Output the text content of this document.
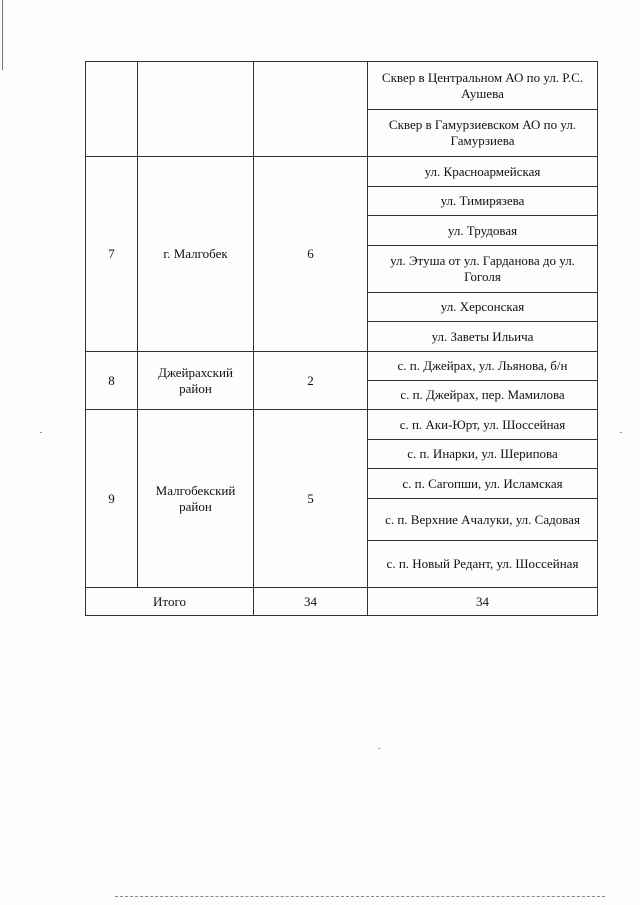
			Сквер в Центральном АО по ул. Р.С. Аушева
			Сквер в Гамурзиевском АО по ул. Гамурзиева
7	г. Малгобек	6	ул. Красноармейская
			ул. Тимирязева
			ул. Трудовая
			ул. Этуша от ул. Гарданова до ул. Гоголя
			ул. Херсонская
			ул. Заветы Ильича
8	Джейрахский район	2	с. п. Джейрах, ул. Льянова, б/н
			с. п. Джейрах, пер. Мамилова
9	Малгобекский район	5	с. п. Аки-Юрт, ул. Шоссейная
			с. п. Инарки, ул. Шерипова
			с. п. Сагопши, ул. Исламская
			с. п. Верхние Ачалуки, ул. Садовая
			с. п. Новый Редант, ул. Шоссейная
Итого		34	34
